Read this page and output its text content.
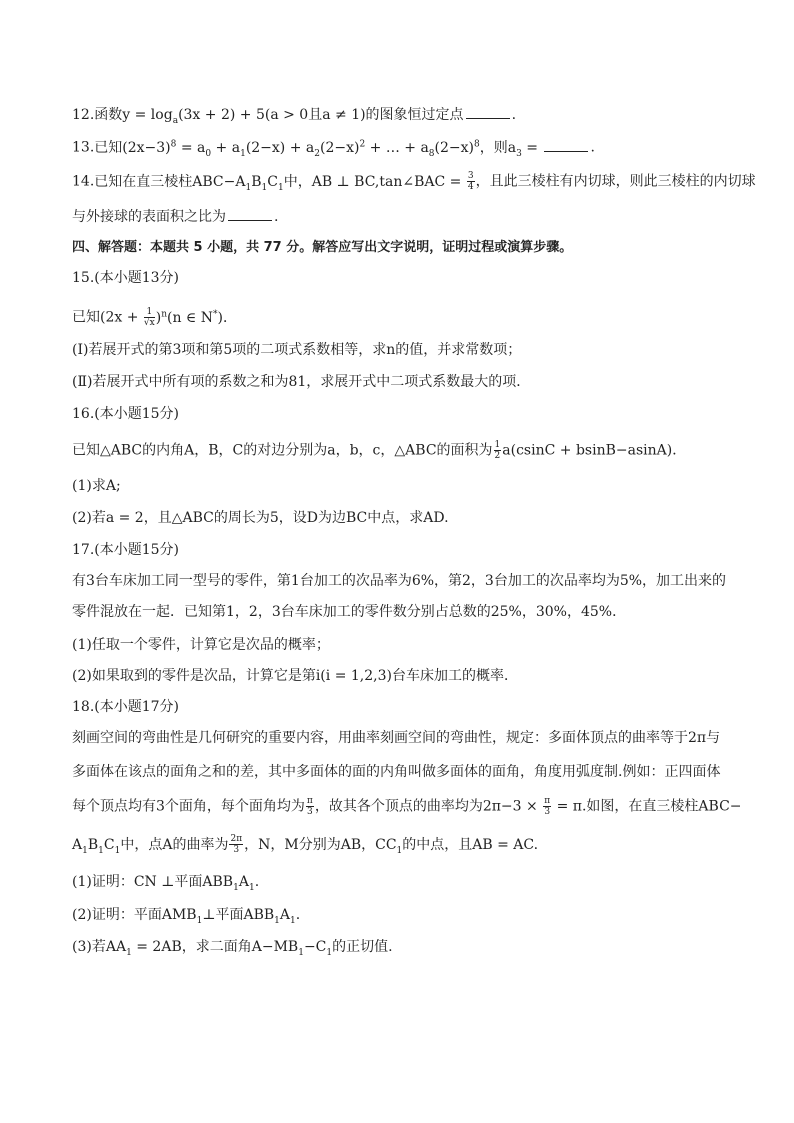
12.函数$y = \log_a(3x + 2) + 5(a > 0$且a ≠ 1)的图象恒过定点	.
13.已知$(2x-3)^8 = a_0 + a_1(2-x) + a_2(2-x)^2$ + … + $a_8(2-x)^8$，则$a_3$ =	.
14.已知在直三棱柱$ABC-A_1B_1C_1$中，AB ⊥ BC,tan∠BAC = $\frac{3}{4}$ ，且此三棱柱有内切球，则此三棱柱的内切球
与外接球的表面积之比为	.
四、解答题：本题共 5 小题，共 77 分。解答应写出文字说明，证明过程或演算步骤。
15.(本小题13分)
已知$(2x + \frac{1}{√x} )^n(n$ ∈ N*)．
(Ⅰ)若展开式的第3项和第5项的二项式系数相等，求n的值，并求常数项；
(Ⅱ)若展开式中所有项的系数之和为81，求展开式中二项式系数最大的项．
16.(本小题15分)
已知△ABC的内角A，B，C的对边分别为a，b，c，△ABC的面积为 $\frac{1}{2} a(csinC + bsinB-asinA)$．
(1)求A;
(2)若a = 2，且△ABC的周长为5，设D为边BC中点，求AD.
17.(本小题15分)
有3台车床加工同一型号的零件，第1台加工的次品率为6%，第2，3台加工的次品率均为5%，加工出来的
零件混放在一起．已知第1，2，3台车床加工的零件数分别占总数的25%，30%，45%．
(1)任取一个零件，计算它是次品的概率；
(2)如果取到的零件是次品，计算它是第i(i = 1,2,3)台车床加工的概率．
18.(本小题17分)
刻画空间的弯曲性是几何研究的重要内容，用曲率刻画空间的弯曲性，规定：多面体顶点的曲率等于2π与
多面体在该点的面角之和的差，其中多面体的面的内角叫做多面体的面角，角度用弧度制.例如：正四面体
每个顶点均有3个面角，每个面角均为 $\frac{\pi}{3}$ ，故其各个顶点的曲率均为$2\pi-3 \times \frac{\pi}{3} = \pi$.如图，在直三棱柱ABC−
$A_1B_1C_1$中，点A的曲率为 $\frac{2\pi}{3}$ ，N，M分别为AB，$CC_1$的中点，且AB = AC.
(1)证明：CN ⊥平面$ABB_1A_1$.
(2)证明：平面$AMB_1\perp$平面$ABB_1A_1$.
(3)若$AA_1 = 2AB$，求二面角$A-MB_1-C_1$的正切值.
